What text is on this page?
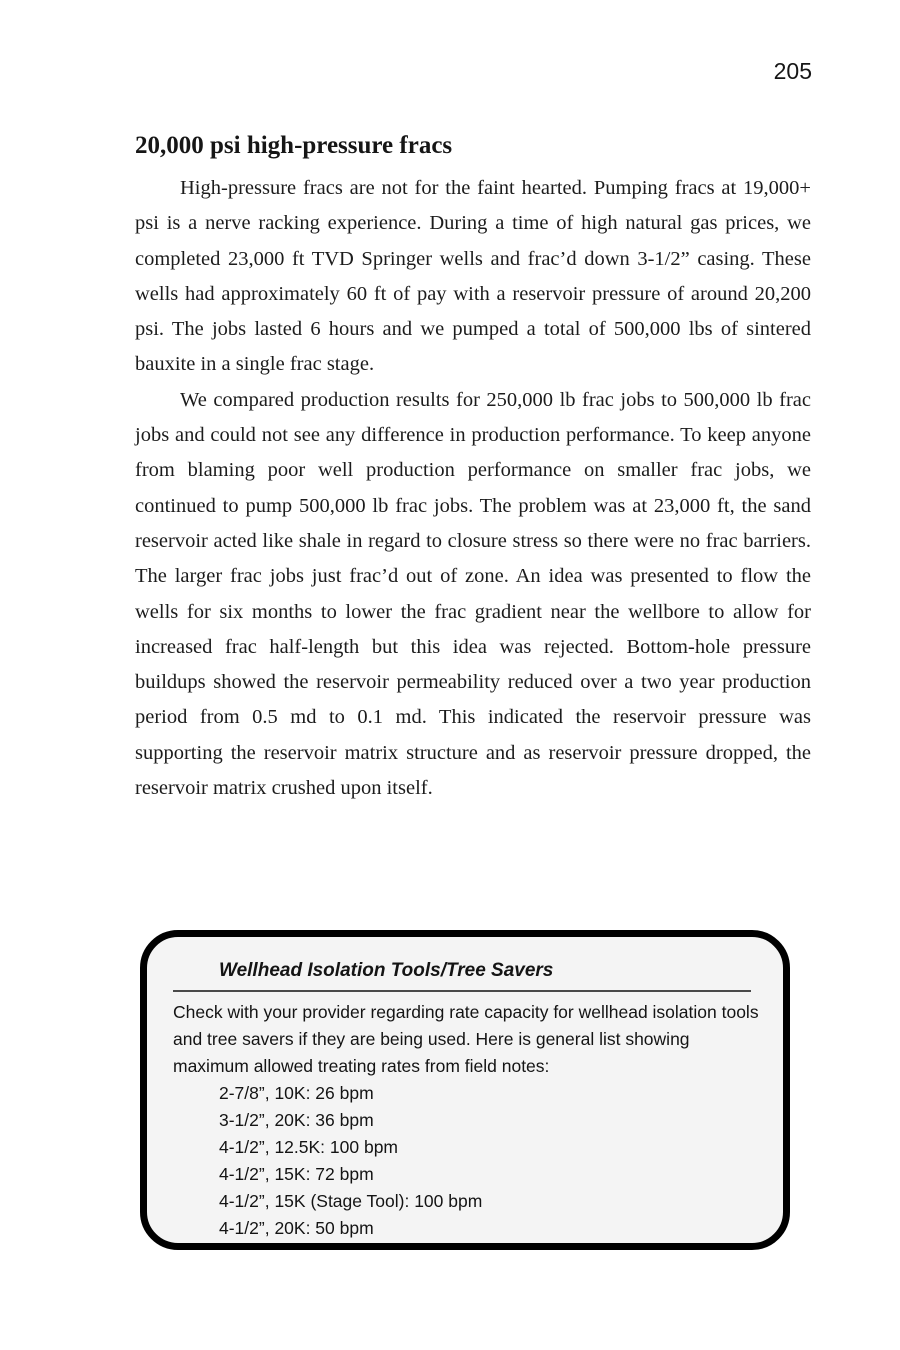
205
20,000 psi high-pressure fracs

High-pressure fracs are not for the faint hearted. Pumping fracs at 19,000+ psi is a nerve racking experience. During a time of high natural gas prices, we completed 23,000 ft TVD Springer wells and frac’d down 3-1/2” casing. These wells had approximately 60 ft of pay with a reservoir pressure of around 20,200 psi. The jobs lasted 6 hours and we pumped a total of 500,000 lbs of sintered bauxite in a single frac stage.

We compared production results for 250,000 lb frac jobs to 500,000 lb frac jobs and could not see any difference in production performance. To keep anyone from blaming poor well production performance on smaller frac jobs, we continued to pump 500,000 lb frac jobs. The problem was at 23,000 ft, the sand reservoir acted like shale in regard to closure stress so there were no frac barriers. The larger frac jobs just frac’d out of zone. An idea was presented to flow the wells for six months to lower the frac gradient near the wellbore to allow for increased frac half-length but this idea was rejected. Bottom-hole pressure buildups showed the reservoir permeability reduced over a two year production period from 0.5 md to 0.1 md. This indicated the reservoir pressure was supporting the reservoir matrix structure and as reservoir pressure dropped, the reservoir matrix crushed upon itself.

Wellhead Isolation Tools/Tree Savers

Check with your provider regarding rate capacity for wellhead isolation tools and tree savers if they are being used. Here is general list showing maximum allowed treating rates from field notes:

2-7/8”, 10K: 26 bpm
3-1/2”, 20K: 36 bpm
4-1/2”, 12.5K: 100 bpm
4-1/2”, 15K: 72 bpm
4-1/2”, 15K (Stage Tool): 100 bpm
4-1/2”, 20K: 50 bpm
